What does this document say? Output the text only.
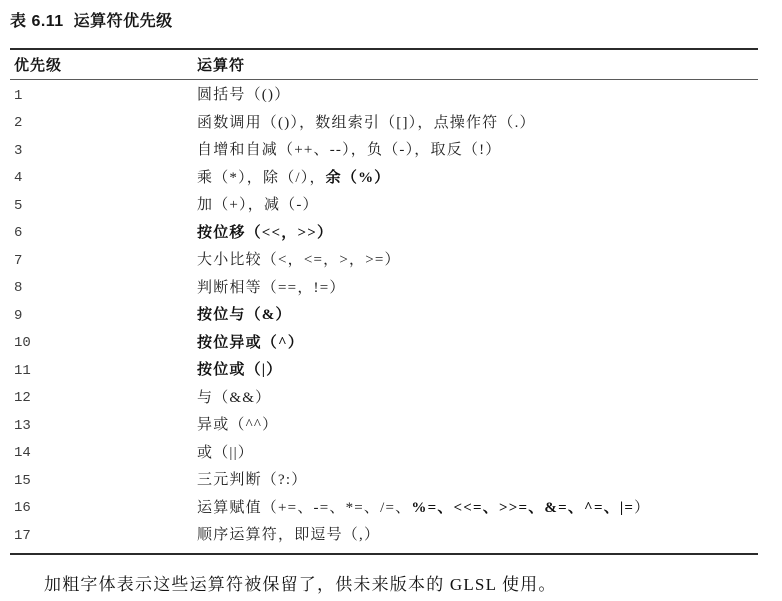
表 6.11  运算符优先级

优先级	运算符
1	圆括号（()）
2	函数调用（()），数组索引（[]），点操作符（.）
3	自增和自减（++、--），负（-），取反（!）
4	乘（*），除（/），余（%）
5	加（+），减（-）
6	按位移（<<，>>）
7	大小比较（<，<=，>，>=）
8	判断相等（==，!=）
9	按位与（&）
10	按位异或（^）
11	按位或（|）
12	与（&&）
13	异或（^^）
14	或（||）
15	三元判断（?:）
16	运算赋值（+=、-=、*=、/=、%=、<<=、>>=、&=、^=、|=）
17	顺序运算符，即逗号（,）

加粗字体表示这些运算符被保留了，供未来版本的 GLSL 使用。
